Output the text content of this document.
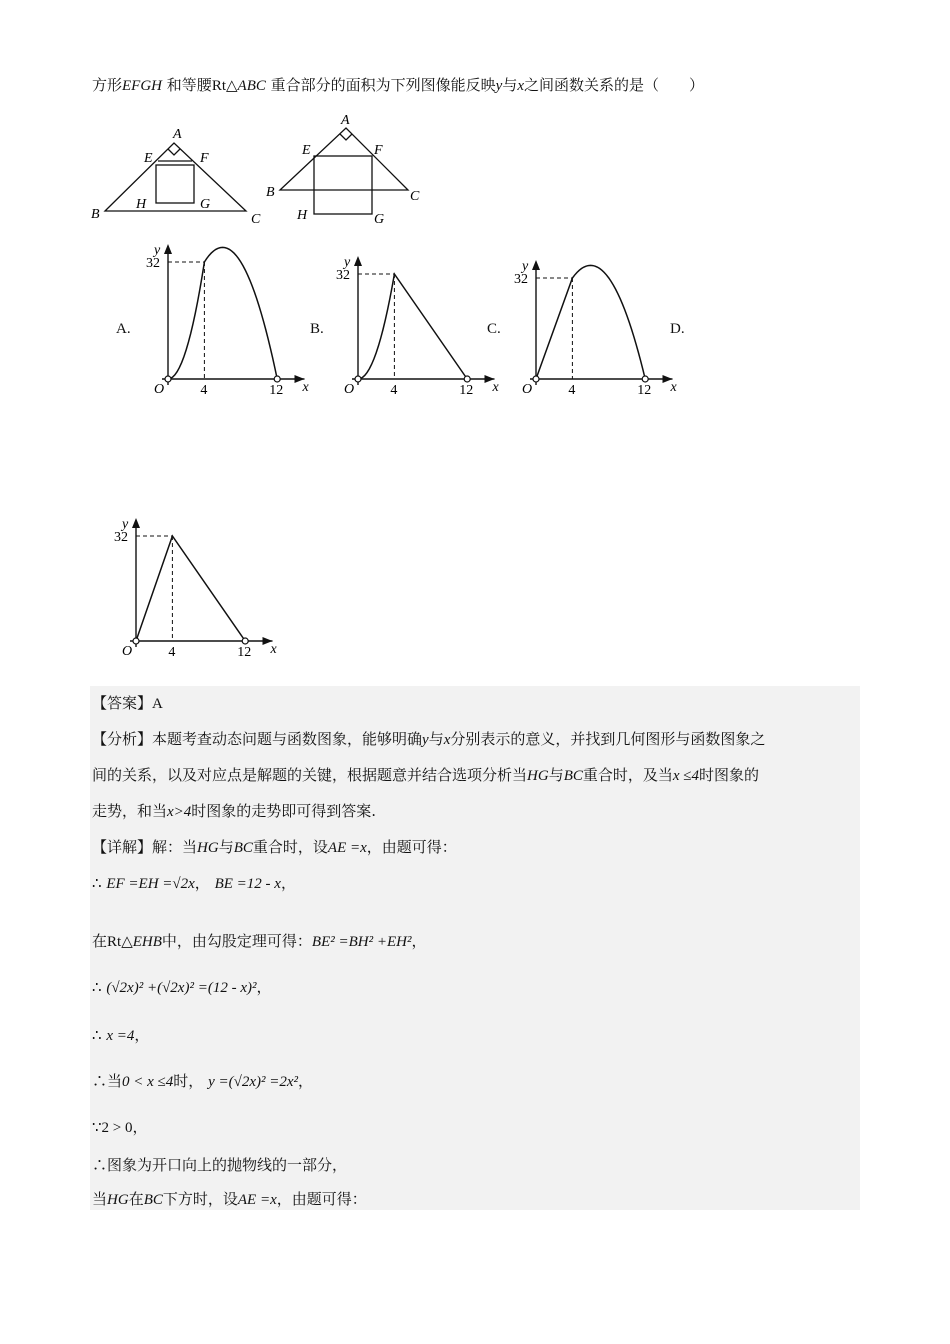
方形EFGH 和等腰Rt△ABC 重合部分的面积为下列图像能反映y与x之间函数关系的是（　　）
A
E	F
B
H	G
C
A
E	F
B	C
H	G
A.	B.	C.	D.
O	4	12
32
x
y
O	4	12
32
x
y
O	4	12
32
x
y
O	4	12
32
x
y
【答案】A
【分析】本题考查动态问题与函数图象，能够明确y与x分别表示的意义，并找到几何图形与函数图象之
间的关系，以及对应点是解题的关键，根据题意并结合选项分析当HG与BC重合时，及当x ≤4时图象的
走势，和当x>4时图象的走势即可得到答案.
【详解】解：当HG与BC重合时，设AE =x，由题可得：
∴ EF =EH =√2x， BE =12 - x，
在Rt△EHB中，由勾股定理可得：BE² =BH² +EH²，
∴ (√2x)² +(√2x)² =(12 - x)²，
∴ x =4，
∴当0 < x ≤4时， y =(√2x)² =2x²，
∵2 > 0，
∴图象为开口向上的抛物线的一部分，
当HG在BC下方时，设AE =x，由题可得：
